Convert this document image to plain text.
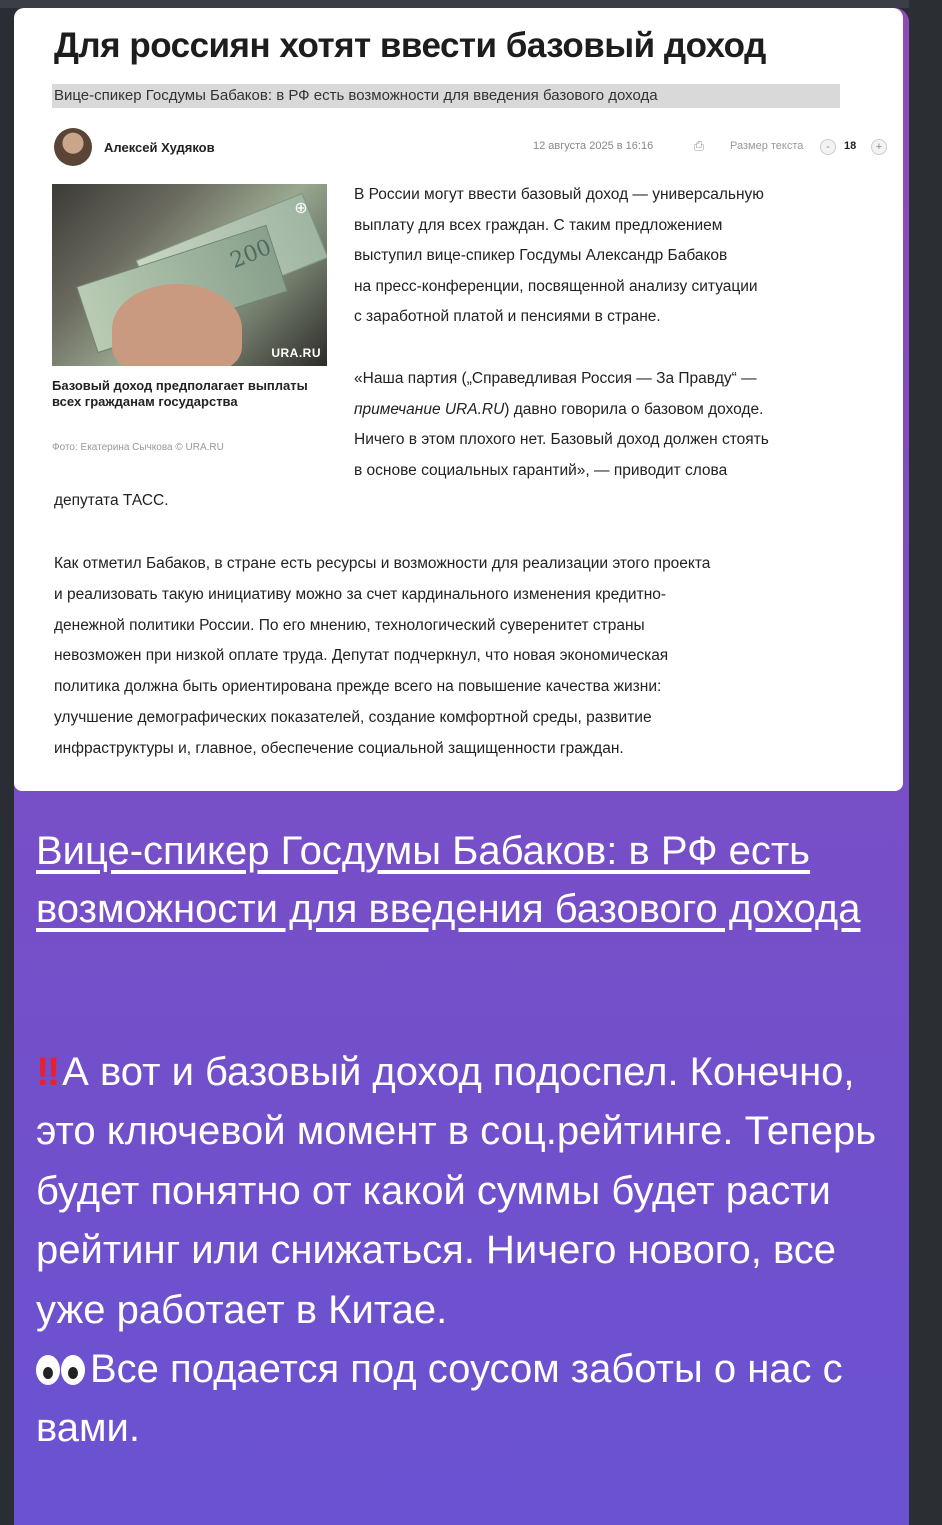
Для россиян хотят ввести базовый доход
Вице-спикер Госдумы Бабаков: в РФ есть возможности для введения базового дохода
Алексей Худяков	12 августа 2025 в 16:16	⎙ Размер текста	-	18	+
200
⊕
URA.RU
Базовый доход предполагает выплаты всех гражданам государства
Фото: Екатерина Сычкова © URA.RU
В России могут ввести базовый доход — универсальную
выплату для всех граждан. С таким предложением
выступил вице-спикер Госдумы Александр Бабаков
на пресс-конференции, посвященной анализу ситуации
с заработной платой и пенсиями в стране.
«Наша партия („Справедливая Россия — За Правду“ —
примечание URA.RU) давно говорила о базовом доходе.
Ничего в этом плохого нет. Базовый доход должен стоять
в основе социальных гарантий», — приводит слова
депутата ТАСС.
Как отметил Бабаков, в стране есть ресурсы и возможности для реализации этого проекта
и реализовать такую инициативу можно за счет кардинального изменения кредитно-
денежной политики России. По его мнению, технологический суверенитет страны
невозможен при низкой оплате труда. Депутат подчеркнул, что новая экономическая
политика должна быть ориентирована прежде всего на повышение качества жизни:
улучшение демографических показателей, создание комфортной среды, развитие
инфраструктуры и, главное, обеспечение социальной защищенности граждан.
Вице-спикер Госдумы Бабаков: в РФ есть возможности для введения базового дохода
‼ А вот и базовый доход подоспел. Конечно, это ключевой момент в соц.рейтинге. Теперь будет понятно от какой суммы будет расти рейтинг или снижаться. Ничего нового, все уже работает в Китае.
Все подается под соусом заботы о нас с вами.
